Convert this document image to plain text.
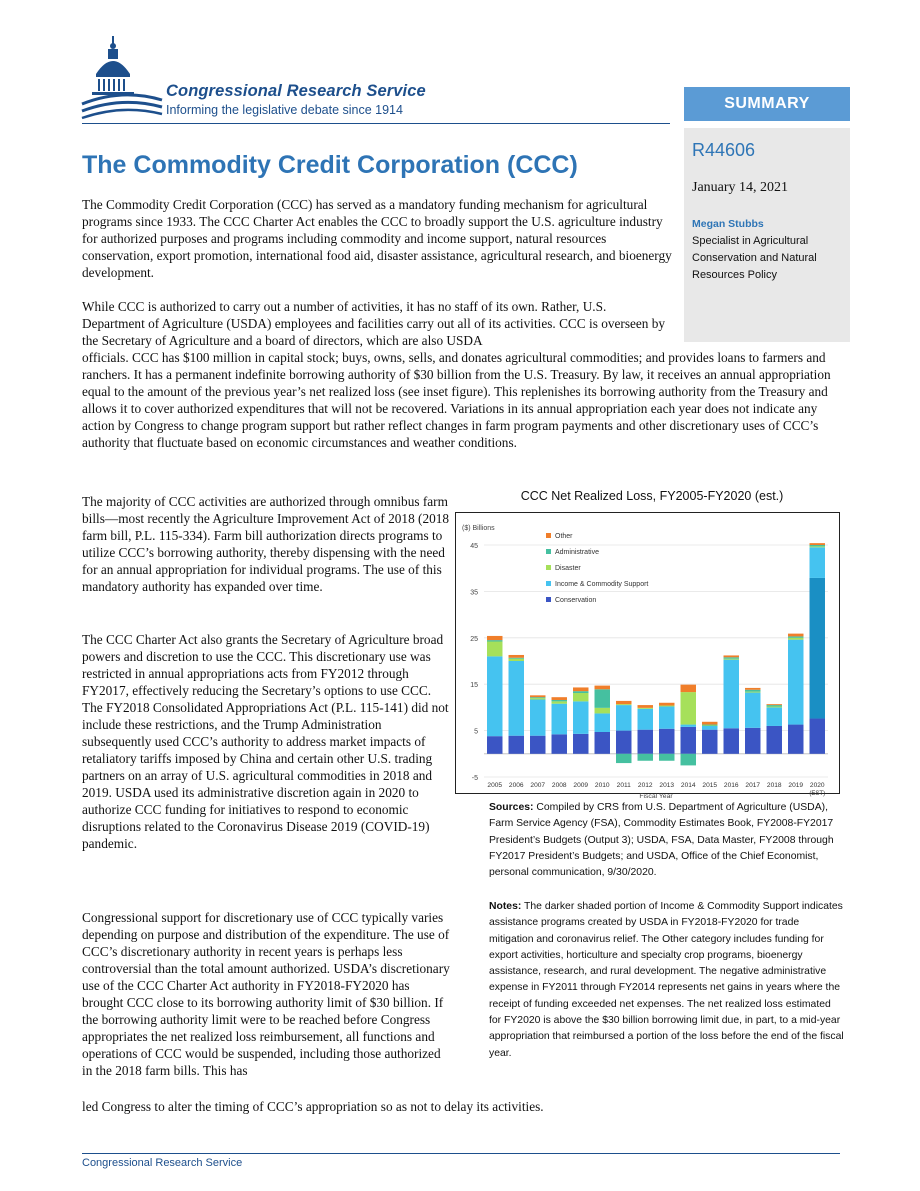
Congressional Research Service
Informing the legislative debate since 1914	SUMMARY
R44606
January 14, 2021
Megan Stubbs
Specialist in Agricultural Conservation and Natural Resources Policy
The Commodity Credit Corporation (CCC)

The Commodity Credit Corporation (CCC) has served as a mandatory funding mechanism for agricultural programs since 1933. The CCC Charter Act enables the CCC to broadly support the U.S. agriculture industry for authorized purposes and programs including commodity and income support, natural resources conservation, export promotion, international food aid, disaster assistance, agricultural research, and bioenergy development.

While CCC is authorized to carry out a number of activities, it has no staff of its own. Rather, U.S. Department of Agriculture (USDA) employees and facilities carry out all of its activities. CCC is overseen by the Secretary of Agriculture and a board of directors, which are also USDA

officials. CCC has $100 million in capital stock; buys, owns, sells, and donates agricultural commodities; and provides loans to farmers and ranchers. It has a permanent indefinite borrowing authority of $30 billion from the U.S. Treasury. By law, it receives an annual appropriation equal to the amount of the previous year’s net realized loss (see inset figure). This replenishes its borrowing authority from the Treasury and allows it to cover authorized expenditures that will not be recovered. Variations in its annual appropriation each year does not indicate any action by Congress to change program support but rather reflect changes in farm program payments and other discretionary uses of CCC’s authority that fluctuate based on economic circumstances and weather conditions.

The majority of CCC activities are authorized through omnibus farm bills—most recently the Agriculture Improvement Act of 2018 (2018 farm bill, P.L. 115-334). Farm bill authorization directs programs to utilize CCC’s borrowing authority, thereby dispensing with the need for an annual appropriation for individual programs. The use of this mandatory authority has expanded over time.

The CCC Charter Act also grants the Secretary of Agriculture broad powers and discretion to use the CCC. This discretionary use was restricted in annual appropriations acts from FY2012 through FY2017, effectively reducing the Secretary’s options to use CCC. The FY2018 Consolidated Appropriations Act (P.L. 115-141) did not include these restrictions, and the Trump Administration subsequently used CCC’s authority to address market impacts of retaliatory tariffs imposed by China and certain other U.S. trading partners on an array of U.S. agricultural commodities in 2018 and 2019. USDA used its administrative discretion again in 2020 to authorize CCC funding for initiatives to respond to economic disruptions related to the Coronavirus Disease 2019 (COVID-19) pandemic.

Congressional support for discretionary use of CCC typically varies depending on purpose and distribution of the expenditure. The use of CCC’s discretionary authority in recent years is perhaps less controversial than the total amount authorized. USDA’s discretionary use of the CCC Charter Act authority in FY2018-FY2020 has brought CCC close to its borrowing authority limit of $30 billion. If the borrowing authority limit were to be reached before Congress appropriates the net realized loss reimbursement, all functions and operations of CCC would be suspended, including those authorized in the 2018 farm bills. This has

led Congress to alter the timing of CCC’s appropriation so as not to delay its activities.

CCC Net Realized Loss, FY2005-FY2020 (est.)
($) Billions
-5
5
15
25
35
45
2005 2006 2007 2008 2009 2010 2011 2012 2013 2014 2015 2016 2017 2018 2019 2020
(EST)
Fiscal Year
Other
Administrative
Disaster
Income & Commodity Support
Conservation
Sources: Compiled by CRS from U.S. Department of Agriculture (USDA), Farm Service Agency (FSA), Commodity Estimates Book, FY2008-FY2017 President’s Budgets (Output 3); USDA, FSA, Data Master, FY2008 through FY2017 President’s Budgets; and USDA, Office of the Chief Economist, personal communication, 9/30/2020.
Notes: The darker shaded portion of Income & Commodity Support indicates assistance programs created by USDA in FY2018-FY2020 for trade mitigation and coronavirus relief. The Other category includes funding for export activities, horticulture and specialty crop programs, bioenergy assistance, research, and rural development. The negative administrative expense in FY2011 through FY2014 represents net gains in years where the receipt of funding exceeded net expenses. The net realized loss estimated for FY2020 is above the $30 billion borrowing limit due, in part, to a mid-year appropriation that reimbursed a portion of the loss before the end of the fiscal year.
Congressional Research Service
